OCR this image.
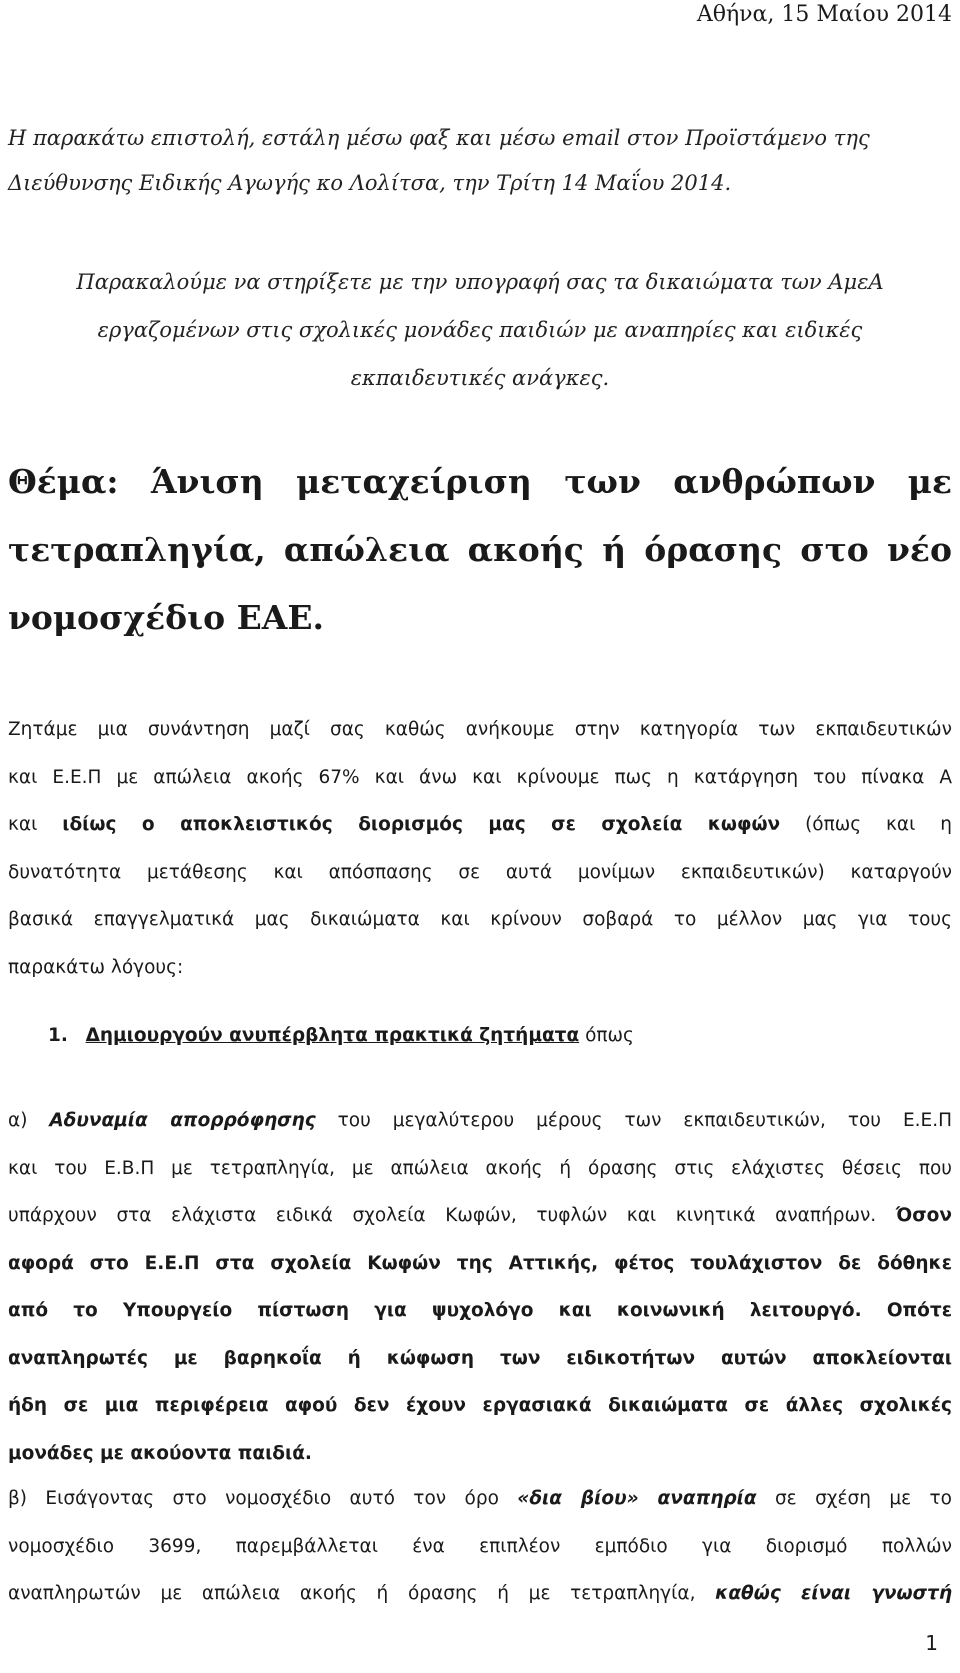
Αθήνα, 15 Μαίου 2014
Η παρακάτω επιστολή, εστάλη μέσω φαξ και μέσω email στον Προϊστάμενο της
Διεύθυνσης Ειδικής Αγωγής κο Λολίτσα, την Τρίτη 14 Μαΐου 2014.
Παρακαλούμε να στηρίξετε με την υπογραφή σας τα δικαιώματα των ΑμεΑ
εργαζομένων στις σχολικές μονάδες παιδιών με αναπηρίες και ειδικές
εκπαιδευτικές ανάγκες.
Θέμα: Άνιση μεταχείριση των ανθρώπων με
τετραπληγία, απώλεια ακοής ή όρασης στο νέο
νομοσχέδιο ΕΑΕ.
Ζητάμε μια συνάντηση μαζί σας καθώς ανήκουμε στην κατηγορία των εκπαιδευτικών
και Ε.Ε.Π με απώλεια ακοής 67% και άνω και κρίνουμε πως η κατάργηση του πίνακα Α
και ιδίως ο αποκλειστικός διορισμός μας σε σχολεία κωφών (όπως και η
δυνατότητα μετάθεσης και απόσπασης σε αυτά μονίμων εκπαιδευτικών) καταργούν
βασικά επαγγελματικά μας δικαιώματα και κρίνουν σοβαρά το μέλλον μας για τους
παρακάτω λόγους:
1. Δημιουργούν ανυπέρβλητα πρακτικά ζητήματα όπως
α) Αδυναμία απορρόφησης του μεγαλύτερου μέρους των εκπαιδευτικών, του Ε.Ε.Π
και του Ε.Β.Π με τετραπληγία, με απώλεια ακοής ή όρασης στις ελάχιστες θέσεις που
υπάρχουν στα ελάχιστα ειδικά σχολεία Κωφών, τυφλών και κινητικά αναπήρων. Όσον
αφορά στο Ε.Ε.Π στα σχολεία Κωφών της Αττικής, φέτος τουλάχιστον δε δόθηκε
από το Υπουργείο πίστωση για ψυχολόγο και κοινωνική λειτουργό. Οπότε
αναπληρωτές με βαρηκοΐα ή κώφωση των ειδικοτήτων αυτών αποκλείονται
ήδη σε μια περιφέρεια αφού δεν έχουν εργασιακά δικαιώματα σε άλλες σχολικές
μονάδες με ακούοντα παιδιά.
β) Εισάγοντας στο νομοσχέδιο αυτό τον όρο «δια βίου» αναπηρία σε σχέση με το
νομοσχέδιο 3699, παρεμβάλλεται ένα επιπλέον εμπόδιο για διορισμό πολλών
αναπληρωτών με απώλεια ακοής ή όρασης ή με τετραπληγία, καθώς είναι γνωστή
1
